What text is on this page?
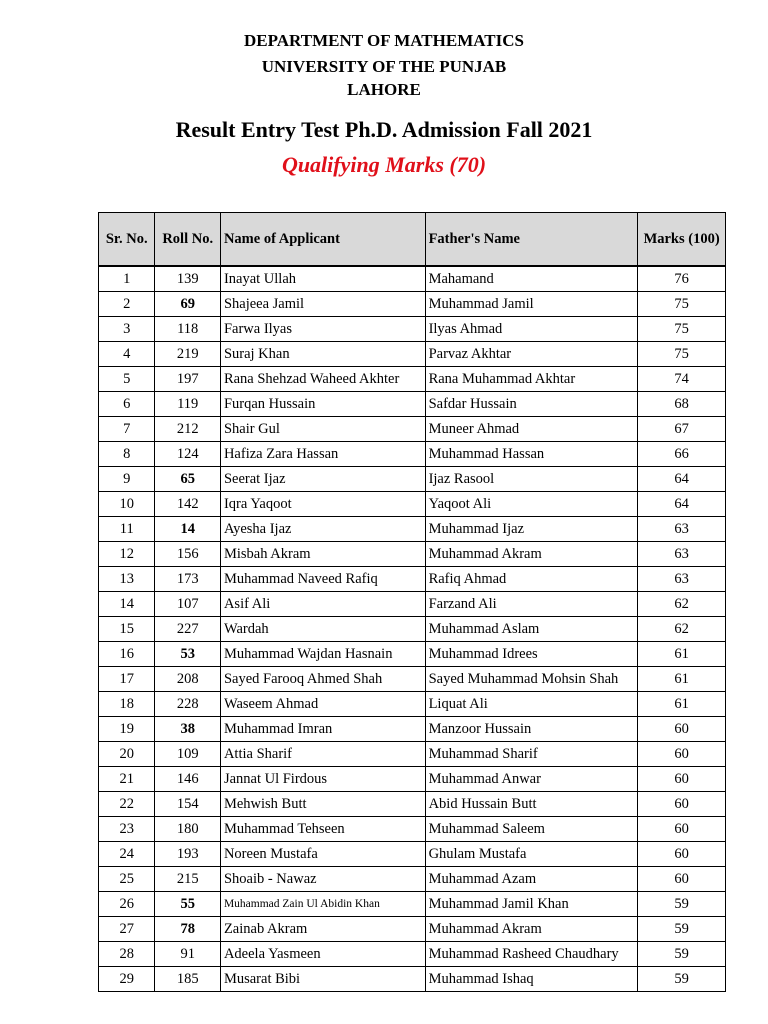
DEPARTMENT OF MATHEMATICS
UNIVERSITY OF THE PUNJAB
LAHORE
Result Entry Test Ph.D. Admission Fall 2021
Qualifying Marks (70)
Sr. No.	Roll No.	Name of Applicant	Father's Name	Marks (100)
1	139	Inayat Ullah	Mahamand	76
2	69	Shajeea Jamil	Muhammad Jamil	75
3	118	Farwa Ilyas	Ilyas Ahmad	75
4	219	Suraj Khan	Parvaz Akhtar	75
5	197	Rana Shehzad Waheed Akhter	Rana Muhammad Akhtar	74
6	119	Furqan Hussain	Safdar Hussain	68
7	212	Shair Gul	Muneer Ahmad	67
8	124	Hafiza Zara Hassan	Muhammad Hassan	66
9	65	Seerat Ijaz	Ijaz Rasool	64
10	142	Iqra Yaqoot	Yaqoot Ali	64
11	14	Ayesha Ijaz	Muhammad Ijaz	63
12	156	Misbah Akram	Muhammad Akram	63
13	173	Muhammad Naveed Rafiq	Rafiq Ahmad	63
14	107	Asif Ali	Farzand Ali	62
15	227	Wardah	Muhammad Aslam	62
16	53	Muhammad Wajdan Hasnain	Muhammad Idrees	61
17	208	Sayed Farooq Ahmed Shah	Sayed Muhammad Mohsin Shah	61
18	228	Waseem Ahmad	Liquat Ali	61
19	38	Muhammad Imran	Manzoor Hussain	60
20	109	Attia Sharif	Muhammad Sharif	60
21	146	Jannat Ul Firdous	Muhammad Anwar	60
22	154	Mehwish Butt	Abid Hussain Butt	60
23	180	Muhammad Tehseen	Muhammad Saleem	60
24	193	Noreen Mustafa	Ghulam Mustafa	60
25	215	Shoaib - Nawaz	Muhammad Azam	60
26	55	Muhammad Zain Ul Abidin Khan	Muhammad Jamil Khan	59
27	78	Zainab Akram	Muhammad Akram	59
28	91	Adeela Yasmeen	Muhammad Rasheed Chaudhary	59
29	185	Musarat Bibi	Muhammad Ishaq	59
